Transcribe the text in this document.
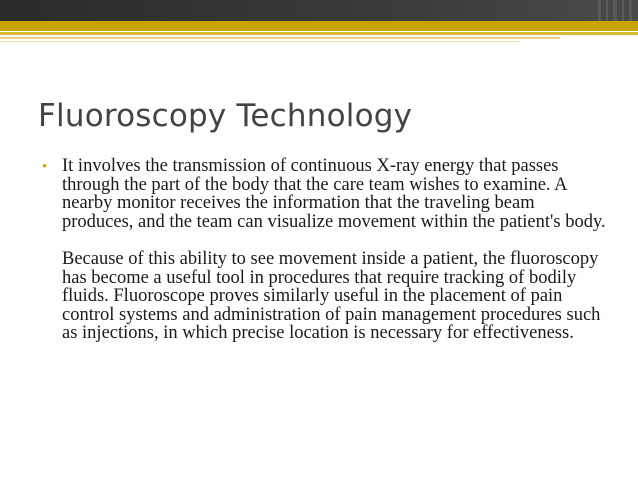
Fluoroscopy Technology
• It involves the transmission of continuous X-ray energy that passes through the part of the body that the care team wishes to examine. A nearby monitor receives the information that the traveling beam produces, and the team can visualize movement within the patient's body.

Because of this ability to see movement inside a patient, the fluoroscopy has become a useful tool in procedures that require tracking of bodily fluids. Fluoroscope proves similarly useful in the placement of pain control systems and administration of pain management procedures such as injections, in which precise location is necessary for effectiveness.
